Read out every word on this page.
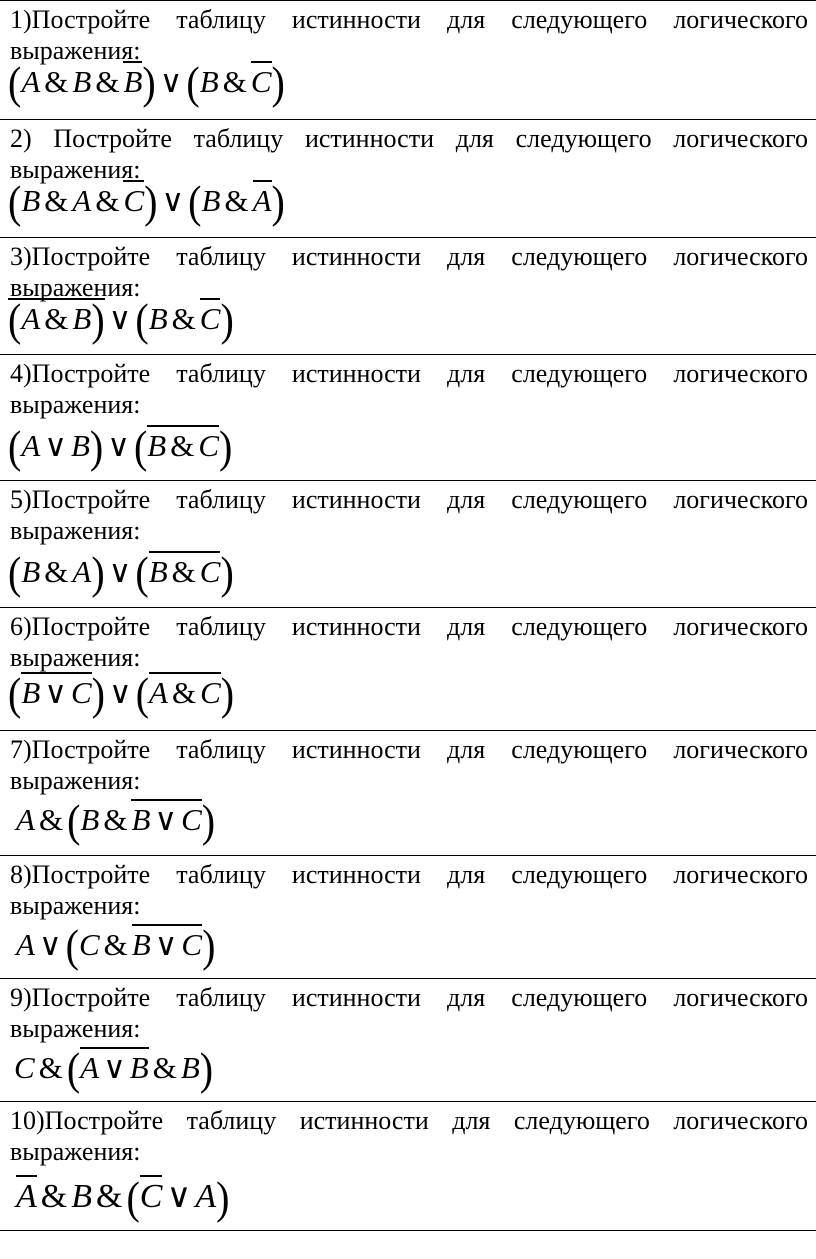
1)Постройте таблицу истинности для следующего логического
выражения:
(A & B & B) ∨ (B & C)
2) Постройте таблицу истинности для следующего логического
выражения:
(B & A & C) ∨ (B & A)
3)Постройте таблицу истинности для следующего логического
выражения:
(A & B) ∨ (B & C)
4)Постройте таблицу истинности для следующего логического
выражения:
(A ∨ B) ∨ (B & C)
5)Постройте таблицу истинности для следующего логического
выражения:
(B & A) ∨ (B & C)
6)Постройте таблицу истинности для следующего логического
выражения:
(B ∨ C) ∨ (A & C)
7)Постройте таблицу истинности для следующего логического
выражения:
A & (B & B ∨ C)
8)Постройте таблицу истинности для следующего логического
выражения:
A ∨ (C & B ∨ C)
9)Постройте таблицу истинности для следующего логического
выражения:
C & (A ∨ B & B)
10)Постройте таблицу истинности для следующего логического
выражения:
A & B & (C ∨ A)
